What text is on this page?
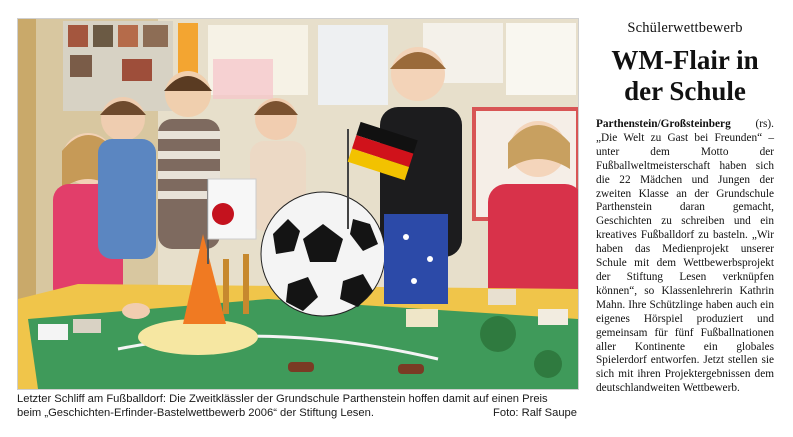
Letzter Schliff am Fußballdorf: Die Zweitklässler der Grundschule Parthenstein hoffen damit auf einen Preis
beim „Geschichten-Erfinder-Bastelwettbewerb 2006“ der Stiftung Lesen.	Foto: Ralf Saupe
Schülerwettbewerb
WM-Flair in
der Schule
Parthenstein/Großsteinberg (rs). „Die Welt zu Gast bei Freunden“ – unter dem Motto der Fußballweltmeisterschaft haben sich die 22 Mädchen und Jungen der zweiten Klasse an der Grundschule Parthenstein daran gemacht, Geschichten zu schreiben und ein kreatives Fußballdorf zu basteln. „Wir haben das Medienprojekt unserer Schule mit dem Wettbewerbsprojekt der Stiftung Lesen verknüpfen können“, so Klassenlehrerin Kathrin Mahn. Ihre Schützlinge haben auch ein eigenes Hörspiel produziert und gemeinsam für fünf Fußballnationen aller Kontinente ein globales Spielerdorf entworfen. Jetzt stellen sie sich mit ihren Projektergebnissen dem deutschlandweiten Wettbewerb.
